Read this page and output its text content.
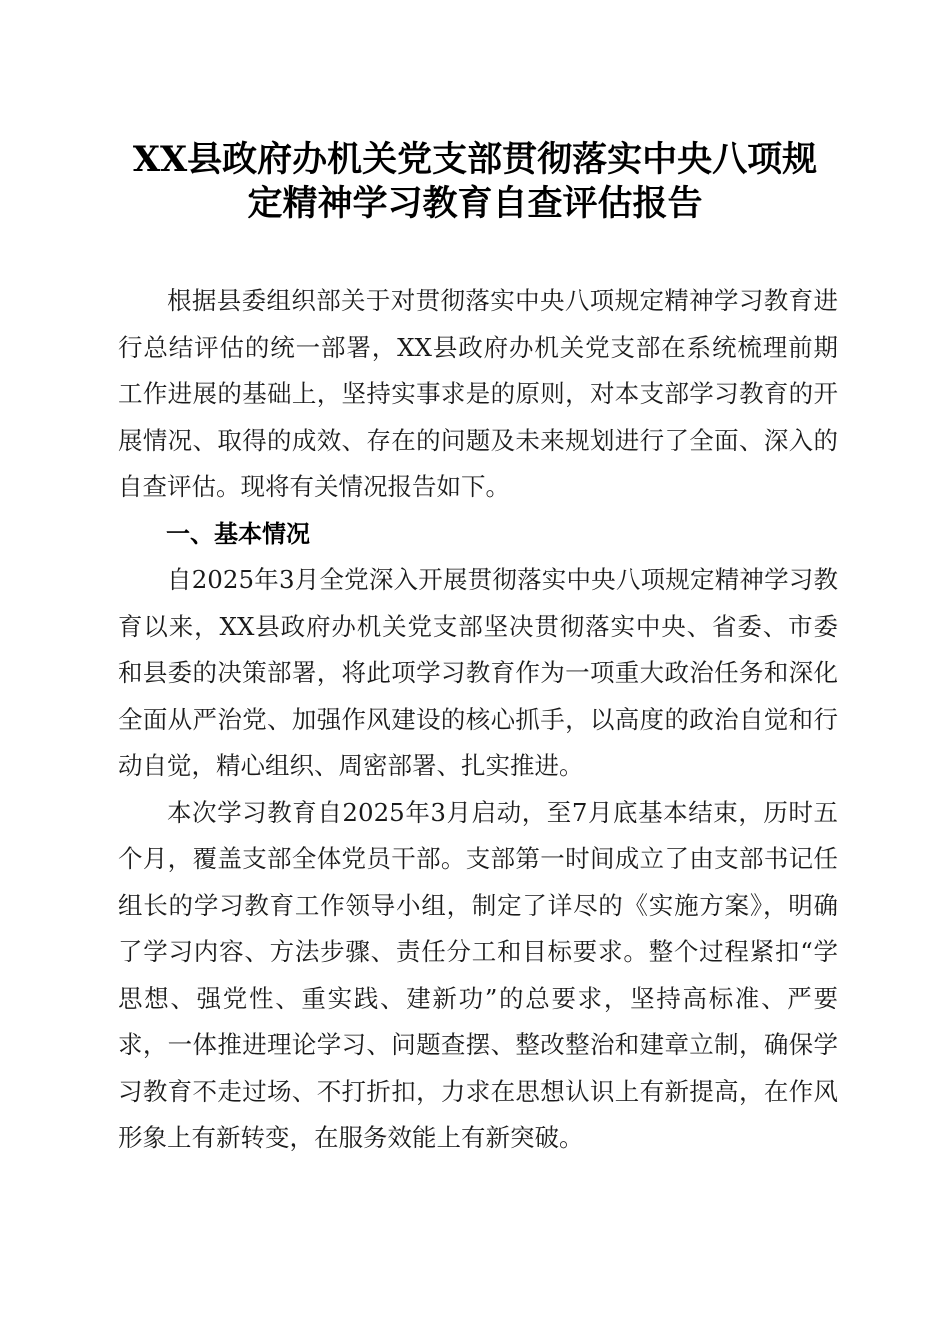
XX县政府办机关党支部贯彻落实中央八项规
定精神学习教育自查评估报告

根据县委组织部关于对贯彻落实中央八项规定精神学习教育进行总结评估的统一部署，XX县政府办机关党支部在系统梳理前期工作进展的基础上，坚持实事求是的原则，对本支部学习教育的开展情况、取得的成效、存在的问题及未来规划进行了全面、深入的自查评估。现将有关情况报告如下。

一、基本情况

自2025年3月全党深入开展贯彻落实中央八项规定精神学习教育以来，XX县政府办机关党支部坚决贯彻落实中央、省委、市委和县委的决策部署，将此项学习教育作为一项重大政治任务和深化全面从严治党、加强作风建设的核心抓手，以高度的政治自觉和行动自觉，精心组织、周密部署、扎实推进。

本次学习教育自2025年3月启动，至7月底基本结束，历时五个月，覆盖支部全体党员干部。支部第一时间成立了由支部书记任组长的学习教育工作领导小组，制定了详尽的《实施方案》，明确了学习内容、方法步骤、责任分工和目标要求。整个过程紧扣“学思想、强党性、重实践、建新功”的总要求，坚持高标准、严要求，一体推进理论学习、问题查摆、整改整治和建章立制，确保学习教育不走过场、不打折扣，力求在思想认识上有新提高，在作风形象上有新转变，在服务效能上有新突破。
